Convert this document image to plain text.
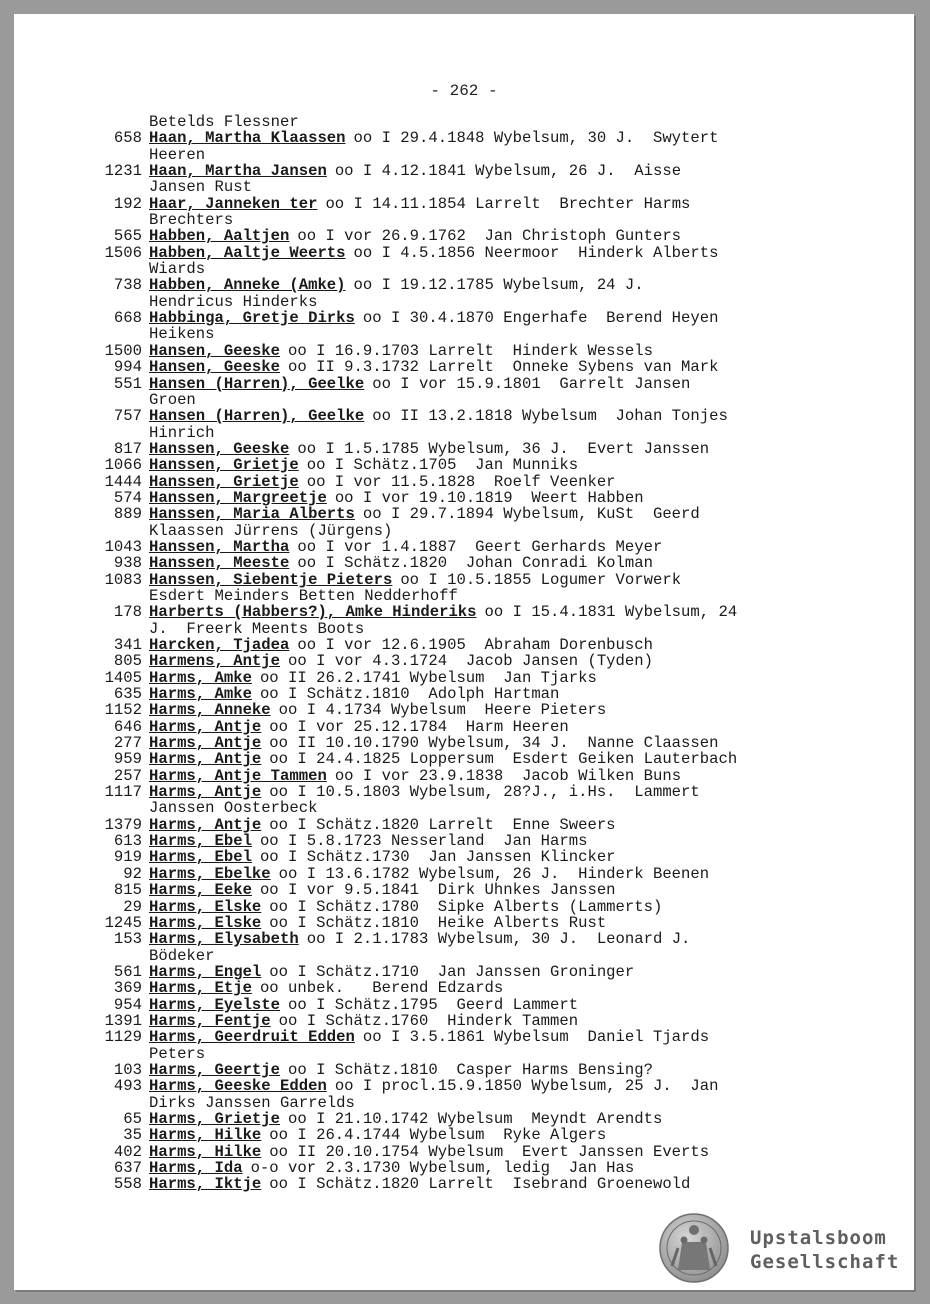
- 262 -
Betelds Flessner
658 Haan, Martha Klaassen oo I 29.4.1848 Wybelsum, 30 J.  Swytert
Heeren
1231 Haan, Martha Jansen oo I 4.12.1841 Wybelsum, 26 J.  Aisse
Jansen Rust
192 Haar, Janneken ter oo I 14.11.1854 Larrelt  Brechter Harms
Brechters
565 Habben, Aaltjen oo I vor 26.9.1762  Jan Christoph Gunters
1506 Habben, Aaltje Weerts oo I 4.5.1856 Neermoor  Hinderk Alberts
Wiards
738 Habben, Anneke (Amke) oo I 19.12.1785 Wybelsum, 24 J.
Hendricus Hinderks
668 Habbinga, Gretje Dirks oo I 30.4.1870 Engerhafe  Berend Heyen
Heikens
1500 Hansen, Geeske oo I 16.9.1703 Larrelt  Hinderk Wessels
994 Hansen, Geeske oo II 9.3.1732 Larrelt  Onneke Sybens van Mark
551 Hansen (Harren), Geelke oo I vor 15.9.1801  Garrelt Jansen
Groen
757 Hansen (Harren), Geelke oo II 13.2.1818 Wybelsum  Johan Tonjes
Hinrich
817 Hanssen, Geeske oo I 1.5.1785 Wybelsum, 36 J.  Evert Janssen
1066 Hanssen, Grietje oo I Schätz.1705  Jan Munniks
1444 Hanssen, Grietje oo I vor 11.5.1828  Roelf Veenker
574 Hanssen, Margreetje oo I vor 19.10.1819  Weert Habben
889 Hanssen, Maria Alberts oo I 29.7.1894 Wybelsum, KuSt  Geerd
Klaassen Jürrens (Jürgens)
1043 Hanssen, Martha oo I vor 1.4.1887  Geert Gerhards Meyer
938 Hanssen, Meeste oo I Schätz.1820  Johan Conradi Kolman
1083 Hanssen, Siebentje Pieters oo I 10.5.1855 Logumer Vorwerk
Esdert Meinders Betten Nedderhoff
178 Harberts (Habbers?), Amke Hinderiks oo I 15.4.1831 Wybelsum, 24
J.  Freerk Meents Boots
341 Harcken, Tjadea oo I vor 12.6.1905  Abraham Dorenbusch
805 Harmens, Antje oo I vor 4.3.1724  Jacob Jansen (Tyden)
1405 Harms, Amke oo II 26.2.1741 Wybelsum  Jan Tjarks
635 Harms, Amke oo I Schätz.1810  Adolph Hartman
1152 Harms, Anneke oo I 4.1734 Wybelsum  Heere Pieters
646 Harms, Antje oo I vor 25.12.1784  Harm Heeren
277 Harms, Antje oo II 10.10.1790 Wybelsum, 34 J.  Nanne Claassen
959 Harms, Antje oo I 24.4.1825 Loppersum  Esdert Geiken Lauterbach
257 Harms, Antje Tammen oo I vor 23.9.1838  Jacob Wilken Buns
1117 Harms, Antje oo I 10.5.1803 Wybelsum, 28?J., i.Hs.  Lammert
Janssen Oosterbeck
1379 Harms, Antje oo I Schätz.1820 Larrelt  Enne Sweers
613 Harms, Ebel oo I 5.8.1723 Nesserland  Jan Harms
919 Harms, Ebel oo I Schätz.1730  Jan Janssen Klincker
92 Harms, Ebelke oo I 13.6.1782 Wybelsum, 26 J.  Hinderk Beenen
815 Harms, Eeke oo I vor 9.5.1841  Dirk Uhnkes Janssen
29 Harms, Elske oo I Schätz.1780  Sipke Alberts (Lammerts)
1245 Harms, Elske oo I Schätz.1810  Heike Alberts Rust
153 Harms, Elysabeth oo I 2.1.1783 Wybelsum, 30 J.  Leonard J.
Bödeker
561 Harms, Engel oo I Schätz.1710  Jan Janssen Groninger
369 Harms, Etje oo unbek.   Berend Edzards
954 Harms, Eyelste oo I Schätz.1795  Geerd Lammert
1391 Harms, Fentje oo I Schätz.1760  Hinderk Tammen
1129 Harms, Geerdruit Edden oo I 3.5.1861 Wybelsum  Daniel Tjards
Peters
103 Harms, Geertje oo I Schätz.1810  Casper Harms Bensing?
493 Harms, Geeske Edden oo I procl.15.9.1850 Wybelsum, 25 J.  Jan
Dirks Janssen Garrelds
65 Harms, Grietje oo I 21.10.1742 Wybelsum  Meyndt Arendts
35 Harms, Hilke oo I 26.4.1744 Wybelsum  Ryke Algers
402 Harms, Hilke oo II 20.10.1754 Wybelsum  Evert Janssen Everts
637 Harms, Ida o-o vor 2.3.1730 Wybelsum, ledig  Jan Has
558 Harms, Iktje oo I Schätz.1820 Larrelt  Isebrand Groenewold
Upstalsboom
Gesellschaft
